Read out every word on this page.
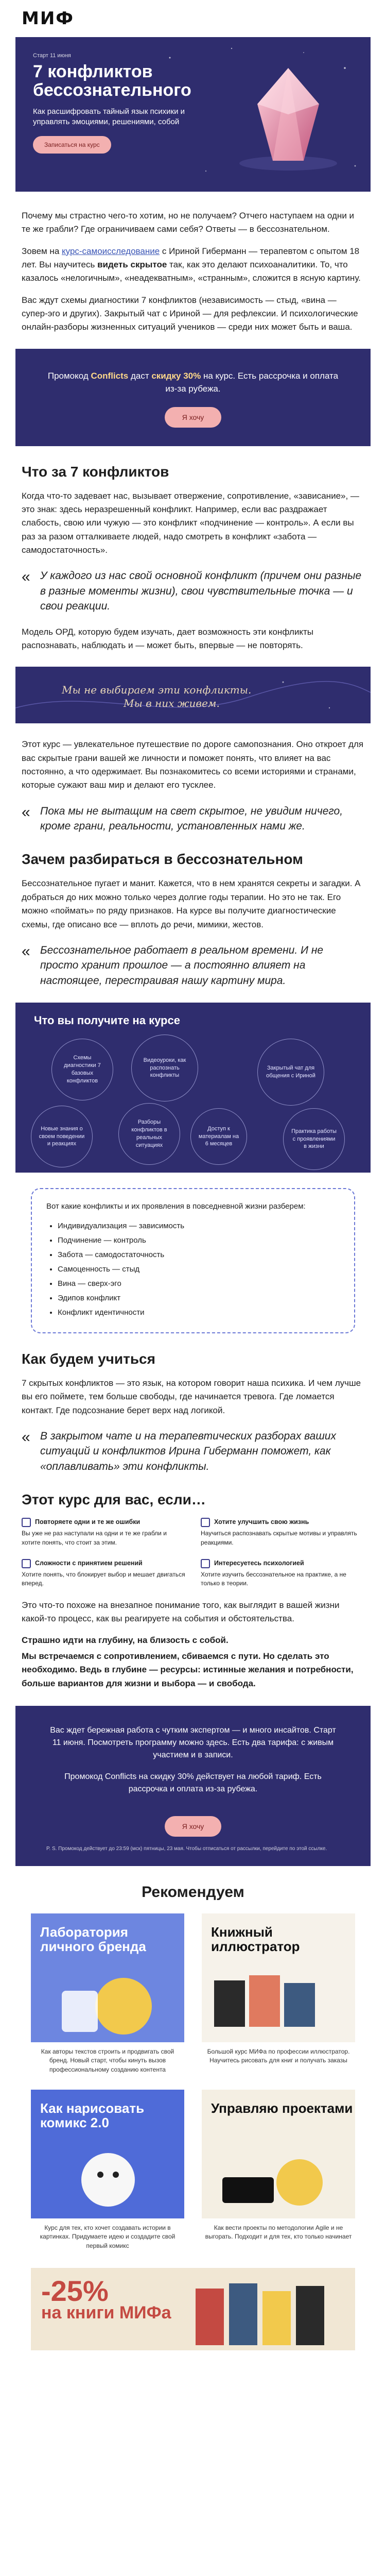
МИФ
Старт 11 июня
7 конфликтов бессознательного
Как расшифровать тайный язык психики и управлять эмоциями, решениями, собой
Записаться на курс

Почему мы страстно чего-то хотим, но не получаем? Отчего наступаем на одни и те же грабли? Где ограничиваем сами себя? Ответы — в бессознательном.

Зовем на курс-самоисследование с Ириной Гиберманн — терапевтом с опытом 18 лет. Вы научитесь видеть скрытое так, как это делают психоаналитики. То, что казалось «нелогичным», «неадекватным», «странным», сложится в ясную картину.

Вас ждут схемы диагностики 7 конфликтов (независимость — стыд, «вина — супер-эго и других). Закрытый чат с Ириной — для рефлексии. И психологические онлайн-разборы жизненных ситуаций учеников — среди них может быть и ваша.

Промокод Conflicts даст скидку 30% на курс. Есть рассрочка и оплата из-за рубежа.
Я хочу
Что за 7 конфликтов

Когда что-то задевает нас, вызывает отвержение, сопротивление, «зависание», — это знак: здесь неразрешенный конфликт. Например, если вас раздражает слабость, свою или чужую — это конфликт «подчинение — контроль». А если вы раз за разом отталкиваете людей, надо смотреть в конфликт «забота — самодостаточность».

« У каждого из нас свой основной конфликт (причем они разные в разные моменты жизни), свои чувствительные точка — и свои реакции.

Модель ОРД, которую будем изучать, дает возможность эти конфликты распознавать, наблюдать и — может быть, впервые — не повторять.

Мы не выбираем эти конфликты.
Мы в них живем.

Этот курс — увлекательное путешествие по дороге самопознания. Оно откроет для вас скрытые грани вашей же личности и поможет понять, что влияет на вас постоянно, а что одержимает. Вы познакомитесь со всеми историями и странами, которые сужают ваш мир и делают его тусклее.

« Пока мы не вытащим на свет скрытое, не увидим ничего, кроме грани, реальности, установленных нами же.
Зачем разбираться в бессознательном

Бессознательное пугает и манит. Кажется, что в нем хранятся секреты и загадки. А добраться до них можно только через долгие годы терапии. Но это не так. Его можно «поймать» по ряду признаков. На курсе вы получите диагностические схемы, где описано все — вплоть до речи, мимики, жестов.

« Бессознательное работает в реальном времени. И не просто хранит прошлое — а постоянно влияет на настоящее, перестраивая нашу картину мира.
Что вы получите на курсе
Схемы диагностики 7 базовых конфликтов
Видеоуроки, как распознать конфликты
Закрытый чат для общения с Ириной
Новые знания о своем поведении и реакциях
Разборы конфликтов в реальных ситуациях
Доступ к материалам на 6 месяцев
Практика работы с проявлениями в жизни
Вот какие конфликты и их проявления в повседневной жизни разберем:
• Индивидуализация — зависимость
• Подчинение — контроль
• Забота — самодостаточность
• Самоценность — стыд
• Вина — сверх-эго
• Эдипов конфликт
• Конфликт идентичности
Как будем учиться

7 скрытых конфликтов — это язык, на котором говорит наша психика. И чем лучше вы его поймете, тем больше свободы, где начинается тревога. Где ломается контакт. Где подсознание берет верх над логикой.

« В закрытом чате и на терапевтических разборах ваших ситуаций и конфликтов Ирина Гиберманн поможет, как «оплавливать» эти конфликты.
Этот курс для вас, если…
Повторяете одни и те же ошибки
Вы уже не раз наступали на одни и те же грабли и хотите понять, что стоит за этим.
Хотите улучшить свою жизнь
Научиться распознавать скрытые мотивы и управлять реакциями.
Сложности с принятием решений
Хотите понять, что блокирует выбор и мешает двигаться вперед.
Интересуетесь психологией
Хотите изучить бессознательное на практике, а не только в теории.

Это что-то похоже на внезапное понимание того, как выглядит в вашей жизни какой-то процесс, как вы реагируете на события и обстоятельства.

Страшно идти на глубину, на близость с собой.

Мы встречаемся с сопротивлением, сбиваемся с пути. Но сделать это необходимо. Ведь в глубине — ресурсы: истинные желания и потребности, больше вариантов для жизни и выбора — и свобода.

Вас ждет бережная работа с чутким экспертом — и много инсайтов. Старт 11 июня. Посмотреть программу можно здесь. Есть два тарифа: с живым участием и в записи.

Промокод Conflicts на скидку 30% действует на любой тариф. Есть рассрочка и оплата из-за рубежа.

Я хочу
P. S. Промокод действует до 23:59 (мск) пятницы, 23 мая. Чтобы отписаться от рассылки, перейдите по этой ссылке.
Рекомендуем
Лаборатория личного бренда
Как авторы текстов строить и продвигать свой бренд. Новый старт, чтобы кинуть вызов профессиональному созданию контента
Книжный иллюстратор
Большой курс МИФа по профессии иллюстратор. Научитесь рисовать для книг и получать заказы
Как нарисовать комикс 2.0
Курс для тех, кто хочет создавать истории в картинках. Придумаете идею и создадите свой первый комикс
Управляю проектами
Как вести проекты по методологии Agile и не выгорать. Подходит и для тех, кто только начинает
-25%
на книги МИФа
